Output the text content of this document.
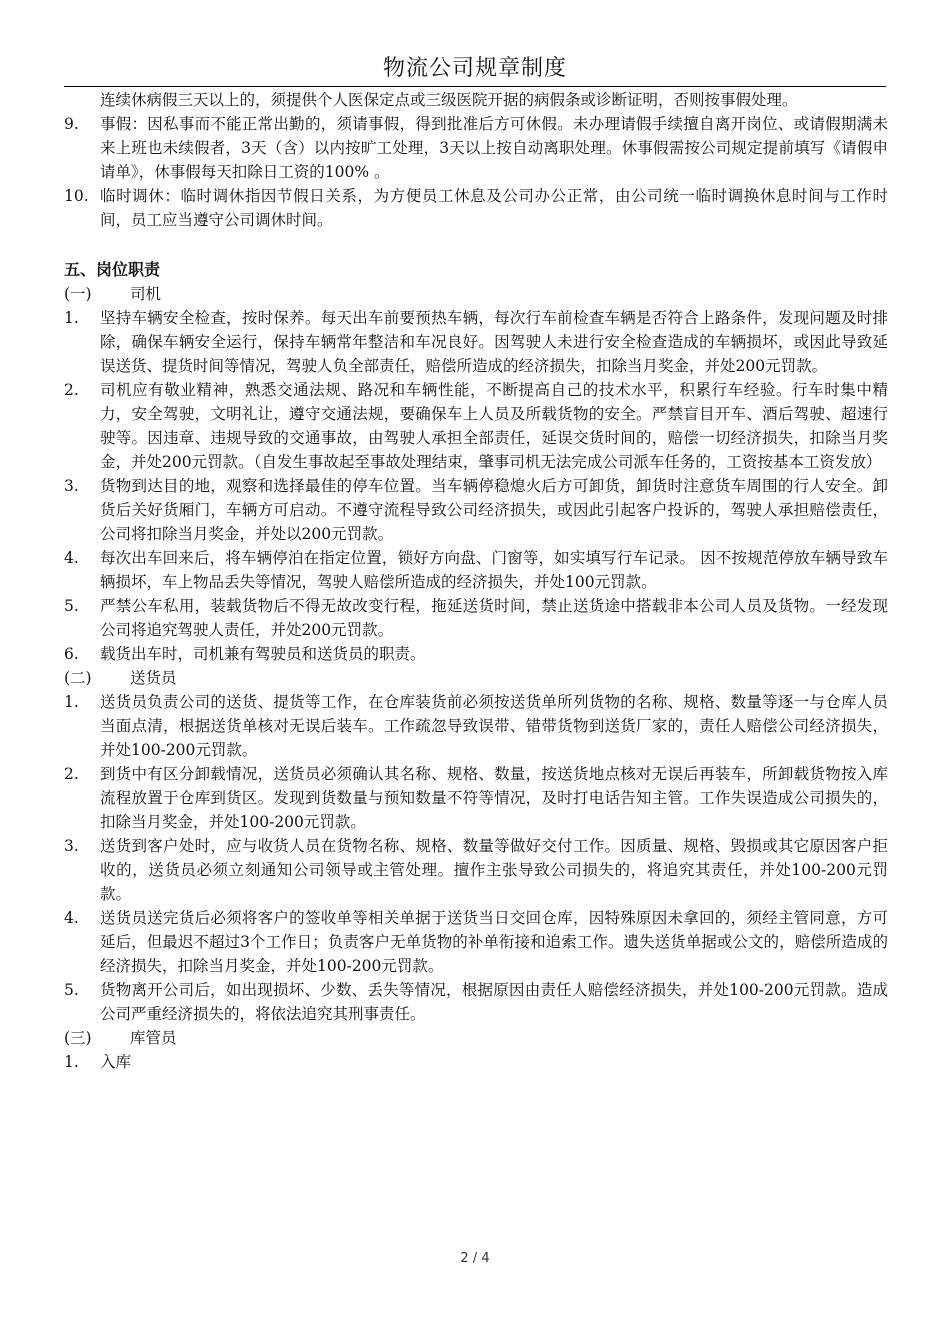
物流公司规章制度
连续休病假三天以上的，须提供个人医保定点或三级医院开据的病假条或诊断证明，否则按事假处理。
9.	事假：因私事而不能正常出勤的，须请事假，得到批准后方可休假。未办理请假手续擅自离开岗位、或请假期满未来上班也未续假者，3天（含）以内按旷工处理，3天以上按自动离职处理。休事假需按公司规定提前填写《请假申请单》，休事假每天扣除日工资的100% 。
10. 临时调休：临时调休指因节假日关系，为方便员工休息及公司办公正常，由公司统一临时调换休息时间与工作时间，员工应当遵守公司调休时间。
五、岗位职责
(一)	司机
1.	坚持车辆安全检查，按时保养。每天出车前要预热车辆，每次行车前检查车辆是否符合上路条件，发现问题及时排除，确保车辆安全运行，保持车辆常年整洁和车况良好。因驾驶人未进行安全检查造成的车辆损坏，或因此导致延误送货、提货时间等情况，驾驶人负全部责任，赔偿所造成的经济损失，扣除当月奖金，并处200元罚款。
2.	司机应有敬业精神，熟悉交通法规、路况和车辆性能，不断提高自己的技术水平，积累行车经验。行车时集中精力，安全驾驶，文明礼让，遵守交通法规，要确保车上人员及所载货物的安全。严禁盲目开车、酒后驾驶、超速行驶等。因违章、违规导致的交通事故，由驾驶人承担全部责任，延误交货时间的，赔偿一切经济损失，扣除当月奖金，并处200元罚款。（自发生事故起至事故处理结束，肇事司机无法完成公司派车任务的，工资按基本工资发放）
3.	货物到达目的地，观察和选择最佳的停车位置。当车辆停稳熄火后方可卸货，卸货时注意货车周围的行人安全。卸货后关好货厢门，车辆方可启动。不遵守流程导致公司经济损失，或因此引起客户投诉的，驾驶人承担赔偿责任，公司将扣除当月奖金，并处以200元罚款。
4.	每次出车回来后，将车辆停泊在指定位置，锁好方向盘、门窗等，如实填写行车记录。 因不按规范停放车辆导致车辆损坏，车上物品丢失等情况，驾驶人赔偿所造成的经济损失，并处100元罚款。
5.	严禁公车私用，装载货物后不得无故改变行程，拖延送货时间，禁止送货途中搭载非本公司人员及货物。一经发现公司将追究驾驶人责任，并处200元罚款。
6.	载货出车时，司机兼有驾驶员和送货员的职责。
(二)	送货员
1.	送货员负责公司的送货、提货等工作，在仓库装货前必须按送货单所列货物的名称、规格、数量等逐一与仓库人员当面点清，根据送货单核对无误后装车。工作疏忽导致误带、错带货物到送货厂家的，责任人赔偿公司经济损失，并处100-200元罚款。
2.	到货中有区分卸载情况，送货员必须确认其名称、规格、数量，按送货地点核对无误后再装车，所卸载货物按入库流程放置于仓库到货区。发现到货数量与预知数量不符等情况，及时打电话告知主管。工作失误造成公司损失的，扣除当月奖金，并处100-200元罚款。
3.	送货到客户处时，应与收货人员在货物名称、规格、数量等做好交付工作。因质量、规格、毁损或其它原因客户拒收的，送货员必须立刻通知公司领导或主管处理。擅作主张导致公司损失的，将追究其责任，并处100-200元罚款。
4.	送货员送完货后必须将客户的签收单等相关单据于送货当日交回仓库，因特殊原因未拿回的，须经主管同意，方可延后，但最迟不超过3个工作日；负责客户无单货物的补单衔接和追索工作。遗失送货单据或公文的，赔偿所造成的经济损失，扣除当月奖金，并处100-200元罚款。
5.	货物离开公司后，如出现损坏、少数、丢失等情况，根据原因由责任人赔偿经济损失，并处100-200元罚款。造成公司严重经济损失的，将依法追究其刑事责任。
(三)	库管员
1.	入库
2 / 4
